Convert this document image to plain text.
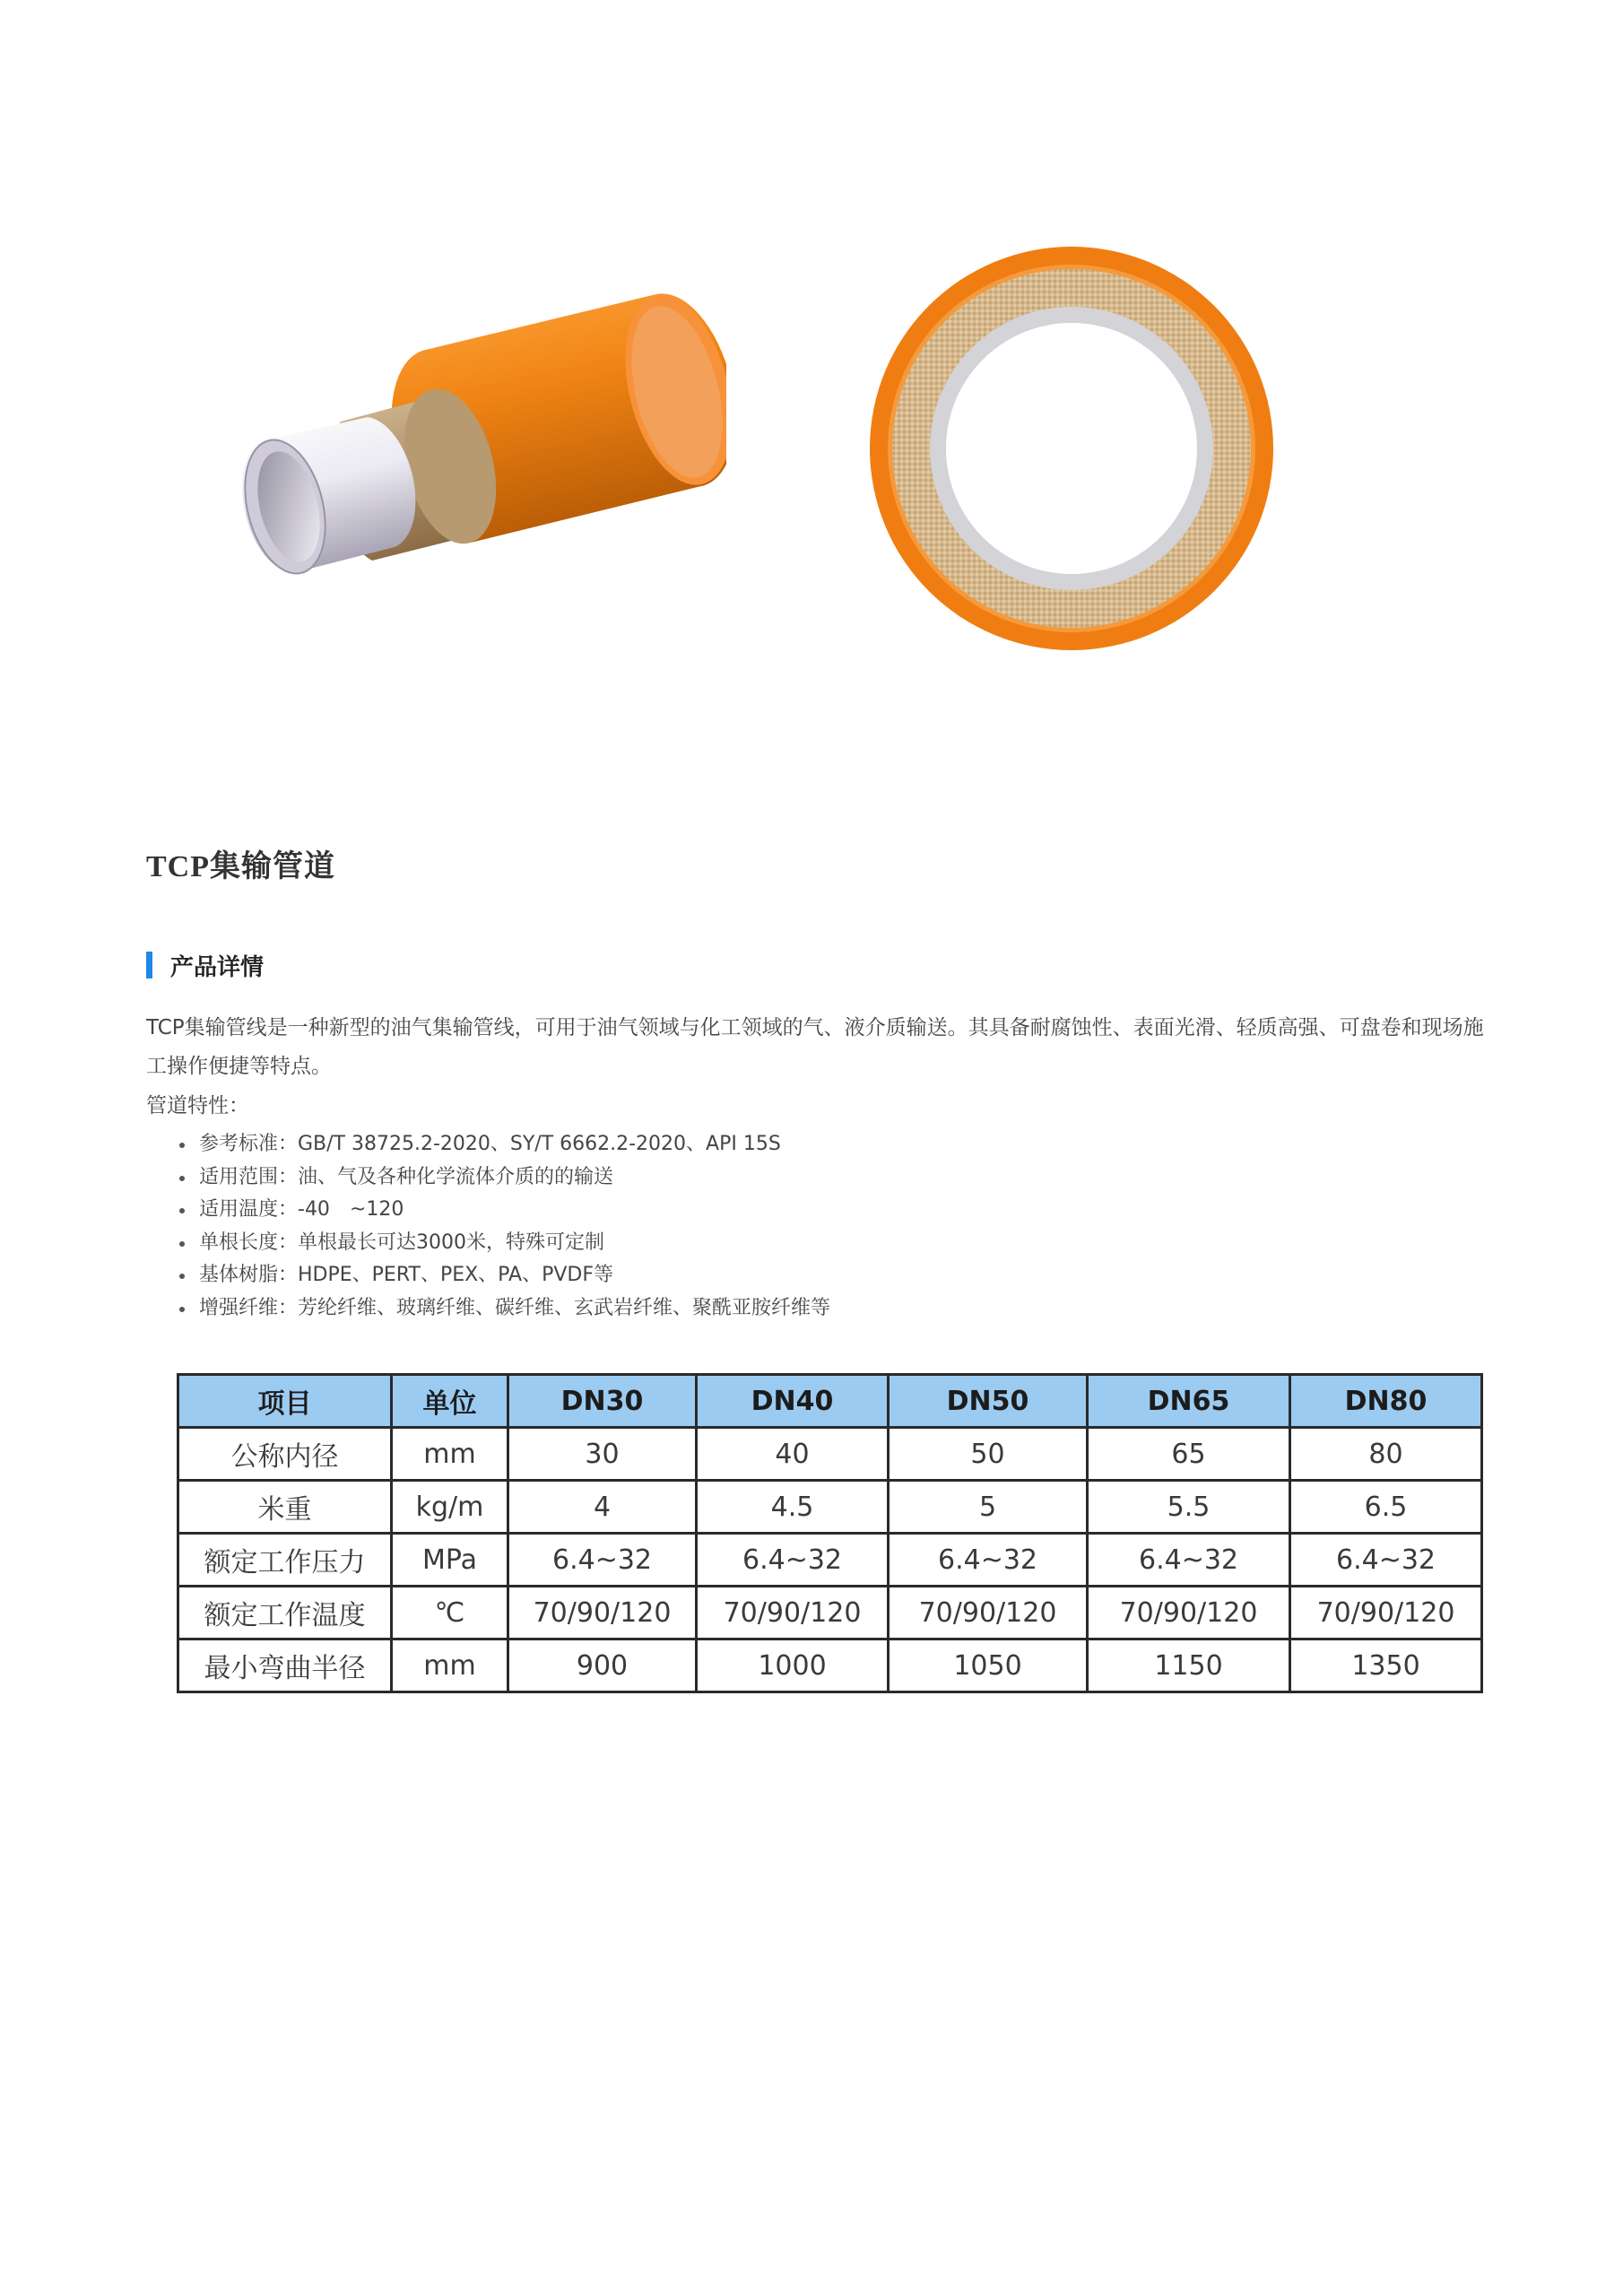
TCP集输管道
产品详情

TCP集输管线是一种新型的油气集输管线，可用于油气领域与化工领域的气、液介质输送。其具备耐腐蚀性、表面光滑、轻质高强、可盘卷和现场施工操作便捷等特点。

管道特性：
参考标准：GB/T 38725.2-2020、SY/T 6662.2-2020、API 15S
适用范围：油、气及各种化学流体介质的的输送
适用温度：-40　~120
单根长度：单根最长可达3000米，特殊可定制
基体树脂：HDPE、PERT、PEX、PA、PVDF等
增强纤维：芳纶纤维、玻璃纤维、碳纤维、玄武岩纤维、聚酰亚胺纤维等
项目	单位	DN30	DN40	DN50	DN65	DN80
公称内径	mm	30	40	50	65	80
米重	kg/m	4	4.5	5	5.5	6.5
额定工作压力	MPa	6.4~32	6.4~32	6.4~32	6.4~32	6.4~32
额定工作温度	℃	70/90/120	70/90/120	70/90/120	70/90/120	70/90/120
最小弯曲半径	mm	900	1000	1050	1150	1350
